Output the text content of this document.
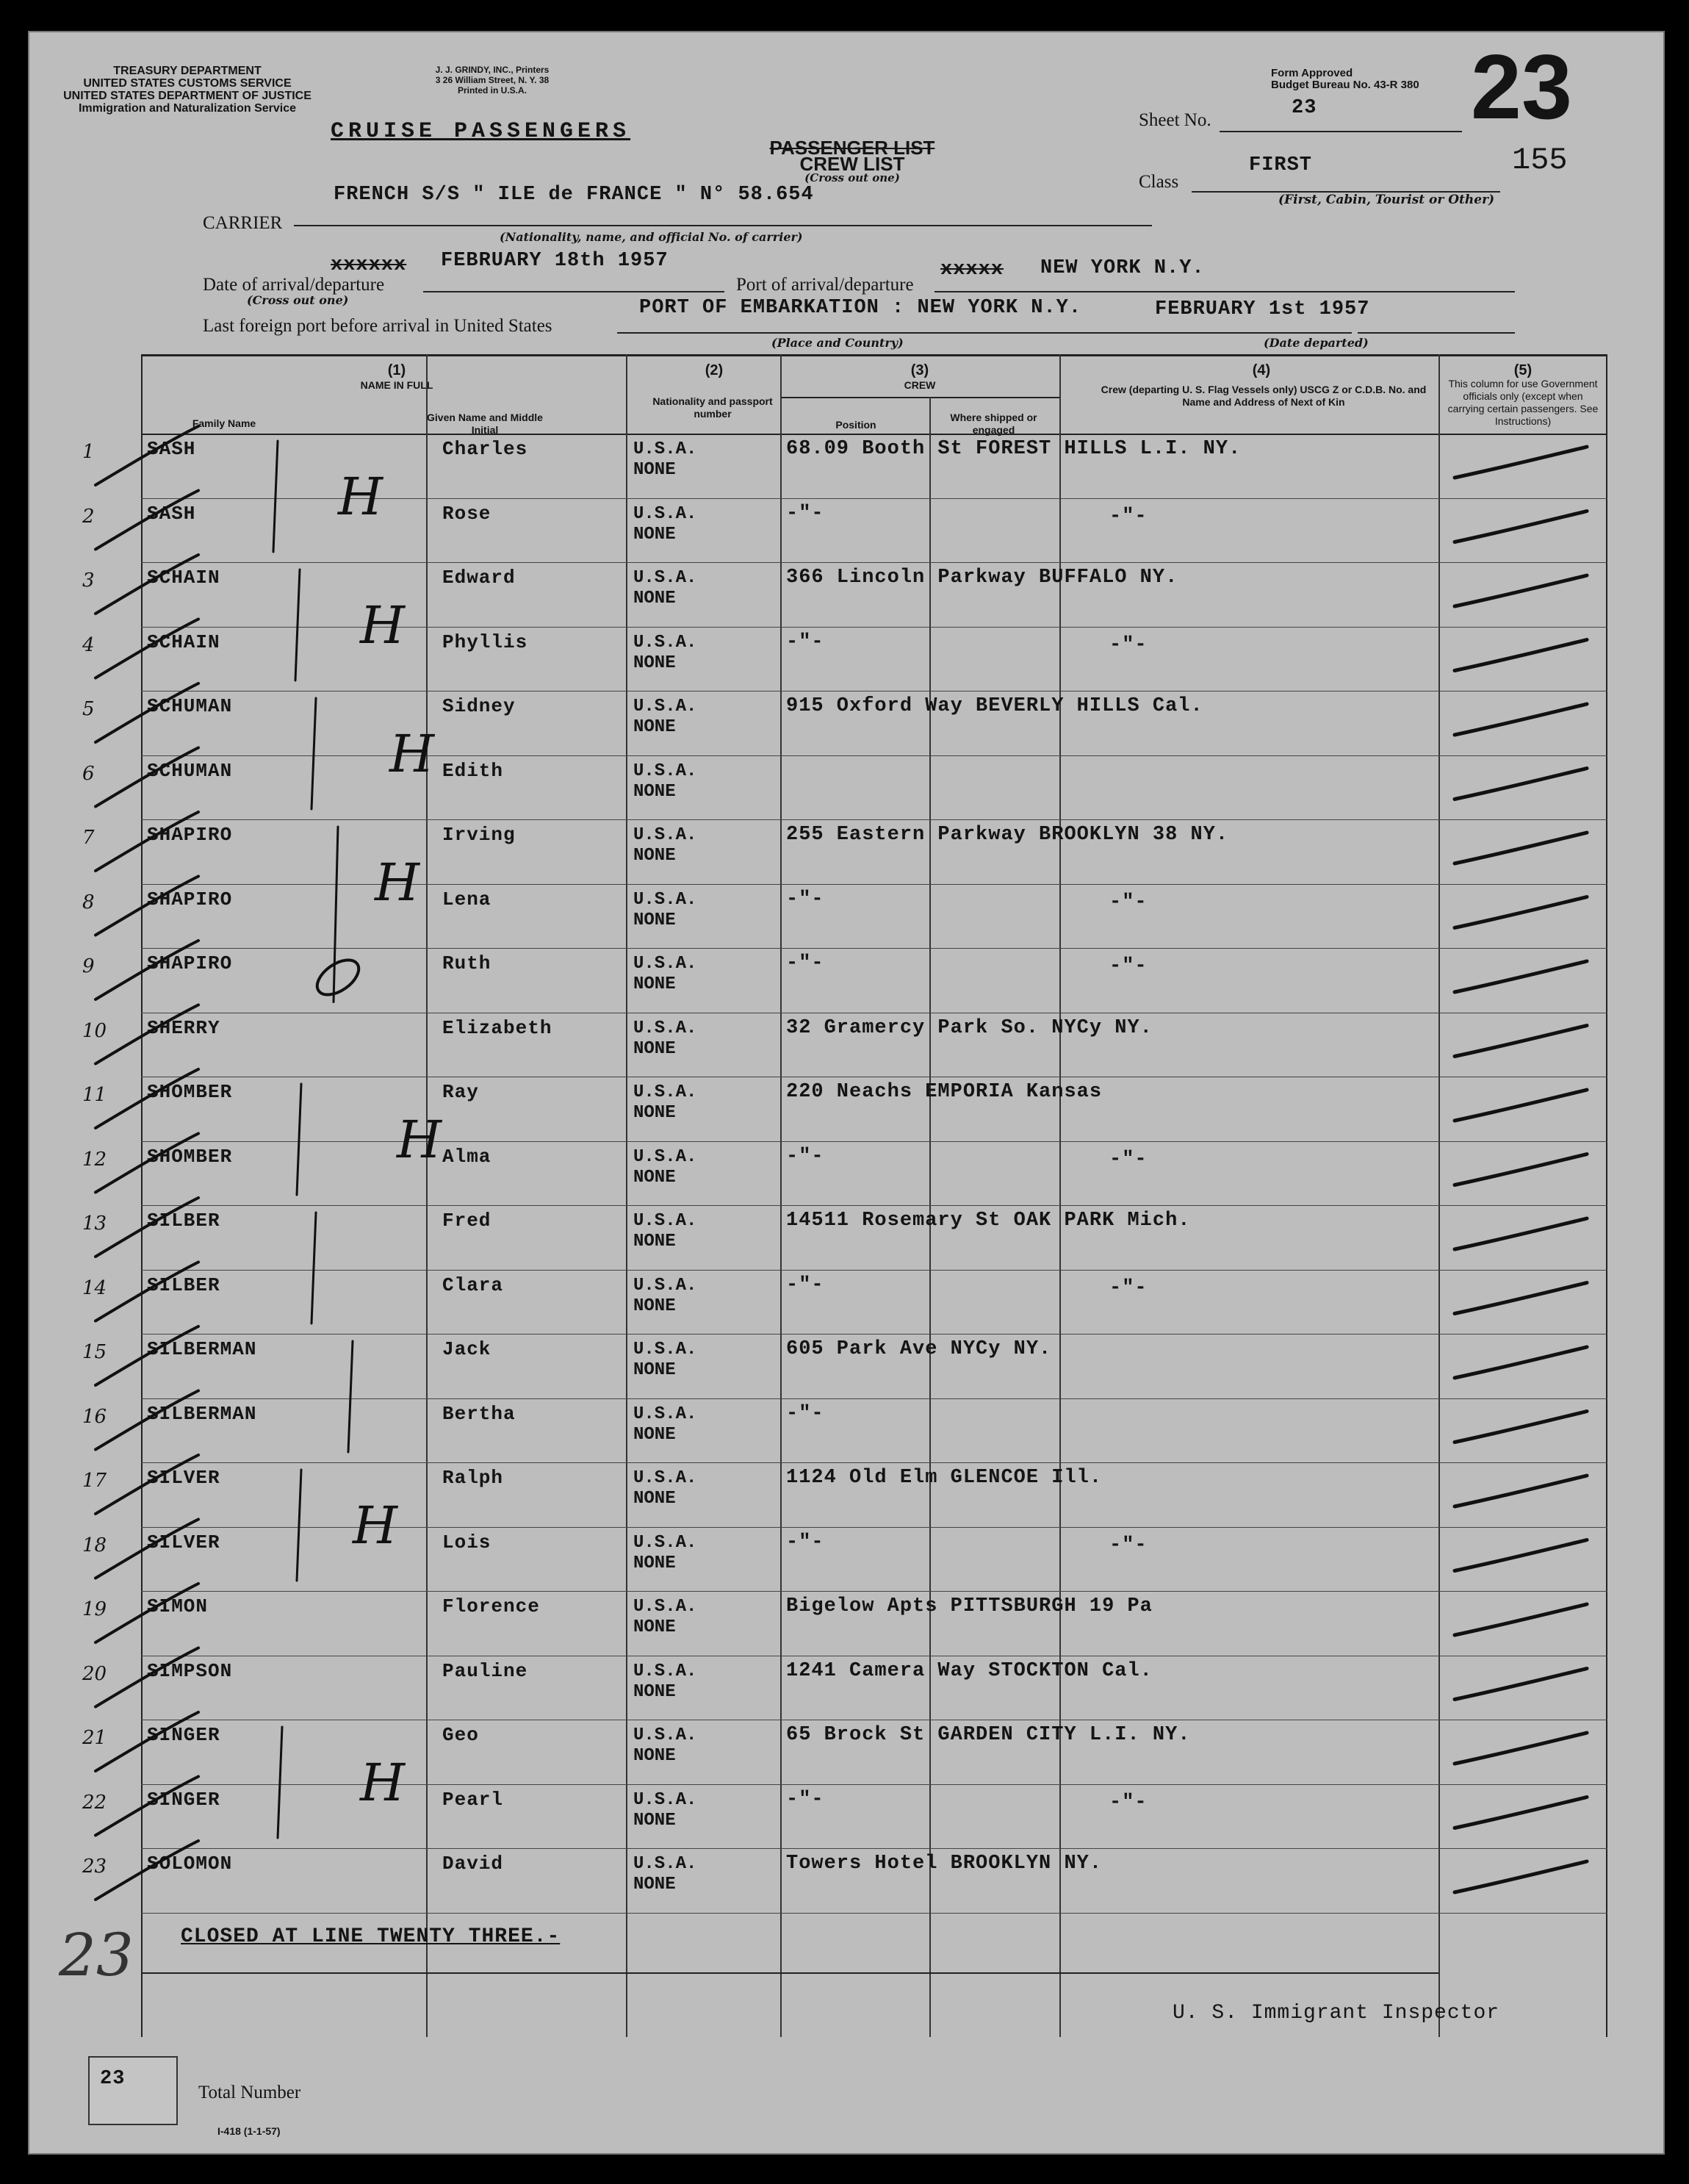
TREASURY DEPARTMENT
UNITED STATES CUSTOMS SERVICE
UNITED STATES DEPARTMENT OF JUSTICE
Immigration and Naturalization Service
J. J. GRINDY, INC., Printers
3 26 William Street, N. Y. 38
Printed in U.S.A.
CRUISE PASSENGERS
PASSENGER LIST
CREW LIST
(Cross out one)
Form Approved
Budget Bureau No. 43-R 380 23
Sheet No.
23
155
Class
FIRST
(First, Cabin, Tourist or Other)
CARRIER
FRENCH S/S " ILE de FRANCE " N° 58.654
(Nationality, name, and official No. of carrier)
xxxxxx FEBRUARY 18th 1957
Date of arrival/departure
(Cross out one)
Port of arrival/departure
xxxxx NEW YORK N.Y.
Last foreign port before arrival in United States
PORT OF EMBARKATION : NEW YORK N.Y.	FEBRUARY 1st 1957
(Place and Country)	(Date departed)
(1)
NAME IN FULL
Family Name	Given Name and Middle Initial
(2)
Nationality and passport number
(3)
CREW
Position
Where shipped or engaged
(4)
Crew (departing U. S. Flag Vessels only) USCG Z or C.D.B. No. and Name and Address of Next of Kin
(5)
This column for use Government officials only (except when carrying certain passengers. See Instructions)
1	SASH	Charles	U.S.A.
NONE
68.09 Booth St FOREST HILLS L.I. NY.
2	SASH	Rose	U.S.A.
NONE
-"-	-"-
3	SCHAIN	Edward	U.S.A.
NONE
366 Lincoln Parkway BUFFALO NY.
4	SCHAIN	Phyllis	U.S.A.
NONE
-"-	-"-
5	SCHUMAN	Sidney	U.S.A.
NONE
915 Oxford Way BEVERLY HILLS Cal.
6	SCHUMAN	Edith	U.S.A.
NONE
7	SHAPIRO	Irving	U.S.A.
NONE
255 Eastern Parkway BROOKLYN 38 NY.
8	SHAPIRO	Lena	U.S.A.
NONE
-"-	-"-
9	SHAPIRO	Ruth	U.S.A.
NONE
-"-	-"-
10 SHERRY	Elizabeth	U.S.A.
NONE
32 Gramercy Park So. NYCy NY.
11 SHOMBER	Ray	U.S.A.
NONE
220 Neachs EMPORIA Kansas
12 SHOMBER	Alma	U.S.A.
NONE
-"-	-"-
13 SILBER	Fred	U.S.A.
NONE
14511 Rosemary St OAK PARK Mich.
14 SILBER	Clara	U.S.A.
NONE
-"-	-"-
15 SILBERMAN	Jack	U.S.A.
NONE
605 Park Ave NYCy NY.
16 SILBERMAN	Bertha	U.S.A.
NONE
-"-
17 SILVER	Ralph	U.S.A.
NONE
1124 Old Elm GLENCOE Ill.
18 SILVER	Lois	U.S.A.
NONE
-"-	-"-
19 SIMON	Florence	U.S.A.
NONE
Bigelow Apts PITTSBURGH 19 Pa
20 SIMPSON	Pauline	U.S.A.
NONE
1241 Camera Way STOCKTON Cal.
21 SINGER	Geo	U.S.A.
NONE
65 Brock St GARDEN CITY L.I. NY.
22 SINGER	Pearl	U.S.A.
NONE
-"-	-"-
23 SOLOMON	David	U.S.A.
NONE
Towers Hotel BROOKLYN NY.
H
H
H
H
H
H
H
CLOSED AT LINE TWENTY THREE.-
23
U. S. Immigrant Inspector
23
Total Number
I-418 (1-1-57)
